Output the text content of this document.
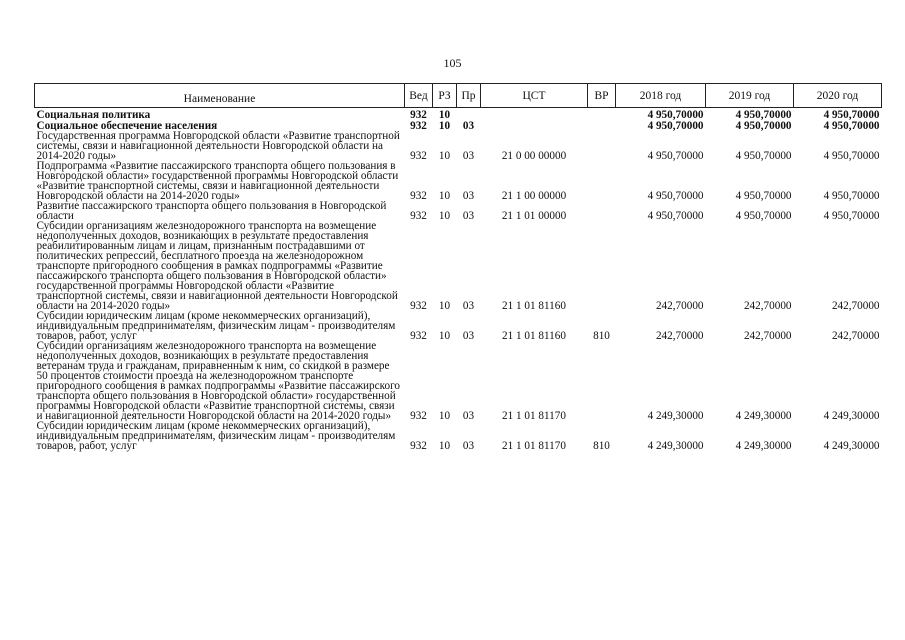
105
Наименование	Вед	РЗ	Пр	ЦСТ	ВР	2018 год	2019 год	2020 год
Социальная политика	932	10				4 950,70000	4 950,70000	4 950,70000
Социальное обеспечение населения	932	10	03			4 950,70000	4 950,70000	4 950,70000
Государственная программа Новгородской области «Развитие транспортной системы, связи и навигационной деятельности Новгородской области на 2014-2020 годы»	932	10	03	21 0 00 00000		4 950,70000	4 950,70000	4 950,70000
Подпрограмма «Развитие пассажирского транспорта общего пользования в Новгородской области» государственной программы Новгородской области «Развитие транспортной системы, связи и навигационной деятельности Новгородской области на 2014-2020 годы»	932	10	03	21 1 00 00000		4 950,70000	4 950,70000	4 950,70000
Развитие пассажирского транспорта общего пользования в Новгородской области	932	10	03	21 1 01 00000		4 950,70000	4 950,70000	4 950,70000
Субсидии организациям железнодорожного транспорта на возмещение недополученных доходов, возникающих в результате предоставления реабилитированным лицам и лицам, признанным пострадавшими от политических репрессий, бесплатного проезда на железнодорожном транспорте пригородного сообщения в рамках подпрограммы «Развитие пассажирского транспорта общего пользования в Новгородской области» государственной программы Новгородской области «Развитие транспортной системы, связи и навигационной деятельности Новгородской области на 2014-2020 годы»	932	10	03	21 1 01 81160		242,70000	242,70000	242,70000
Субсидии юридическим лицам (кроме некоммерческих организаций), индивидуальным предпринимателям, физическим лицам - производителям товаров, работ, услуг	932	10	03	21 1 01 81160	810	242,70000	242,70000	242,70000
Субсидии организациям железнодорожного транспорта на возмещение недополученных доходов, возникающих в результате предоставления ветеранам труда и гражданам, приравненным к ним, со скидкой в размере 50 процентов стоимости проезда на железнодорожном транспорте пригородного сообщения в рамках подпрограммы «Развитие пассажирского транспорта общего пользования в Новгородской области» государственной программы Новгородской области «Развитие транспортной системы, связи и навигационной деятельности Новгородской области на 2014-2020 годы»	932	10	03	21 1 01 81170		4 249,30000	4 249,30000	4 249,30000
Субсидии юридическим лицам (кроме некоммерческих организаций), индивидуальным предпринимателям, физическим лицам - производителям товаров, работ, услуг	932	10	03	21 1 01 81170	810	4 249,30000	4 249,30000	4 249,30000
